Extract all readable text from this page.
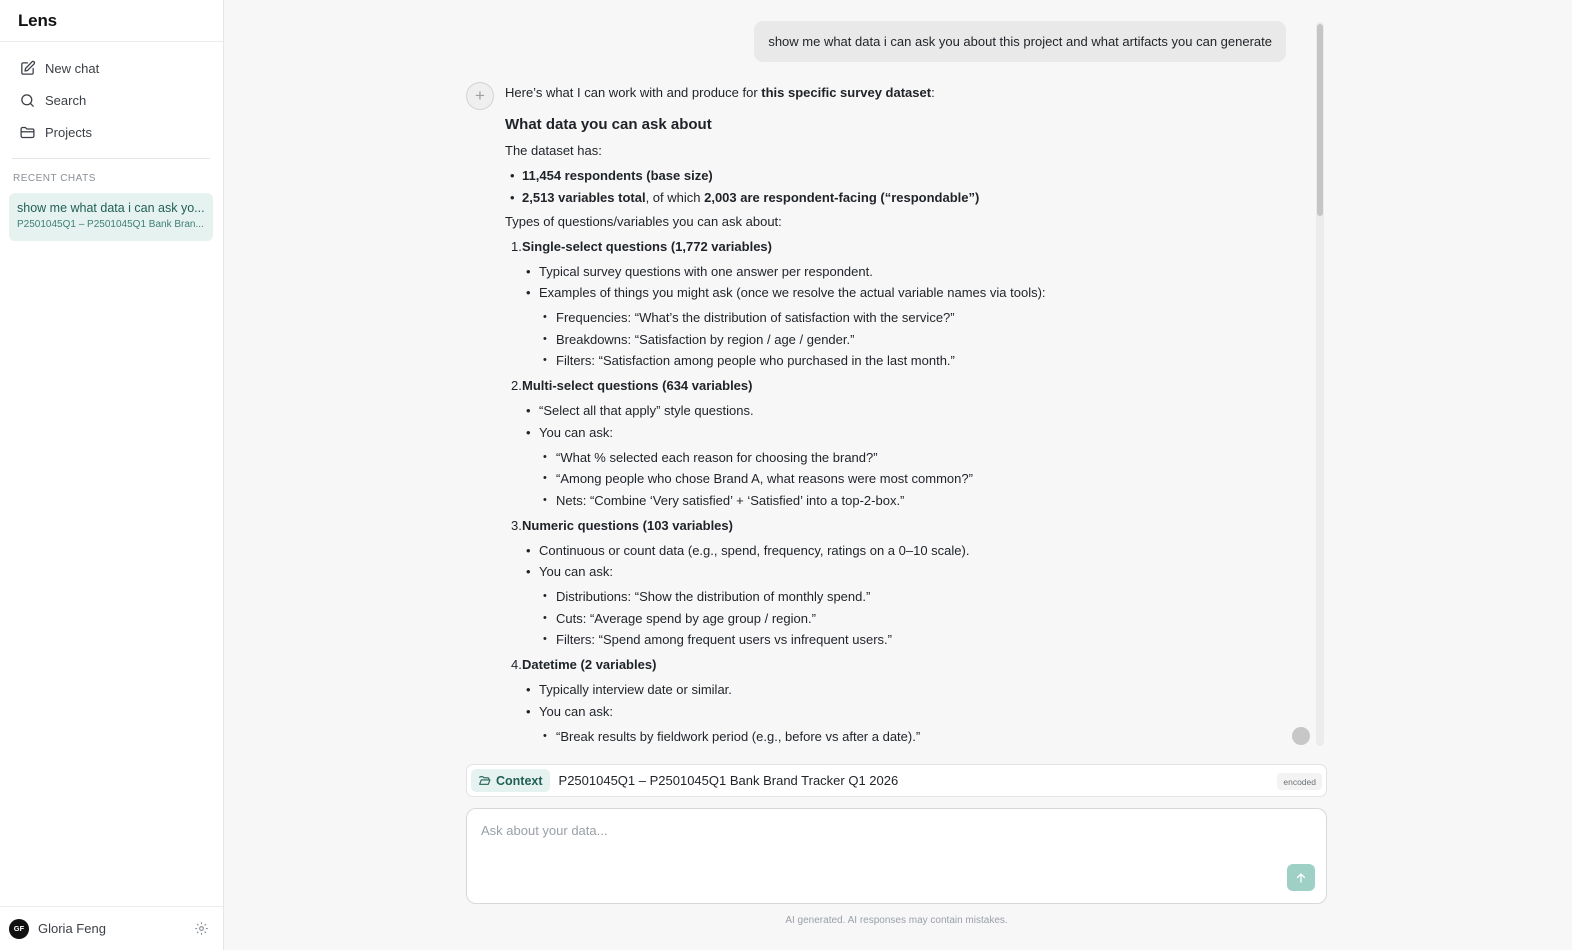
Lens
New chat
Search
Projects
RECENT CHATS
show me what data i can ask yo...
P2501045Q1 – P2501045Q1 Bank Bran...
GF	Gloria Feng
show me what data i can ask you about this project and what artifacts you can generate
+ Here’s what I can work with and produce for this specific survey dataset:

What data you can ask about

The dataset has:

• 11,454 respondents (base size)
• 2,513 variables total, of which 2,003 are respondent-facing (“respondable”)

Types of questions/variables you can ask about:

1. Single-select questions (1,772 variables)
• Typical survey questions with one answer per respondent.
• Examples of things you might ask (once we resolve the actual variable names via tools):
• Frequencies: “What’s the distribution of satisfaction with the service?”
• Breakdowns: “Satisfaction by region / age / gender.”
• Filters: “Satisfaction among people who purchased in the last month.”
2. Multi-select questions (634 variables)
• “Select all that apply” style questions.
• You can ask:
• “What % selected each reason for choosing the brand?”
• “Among people who chose Brand A, what reasons were most common?”
• Nets: “Combine ‘Very satisfied’ + ‘Satisfied’ into a top-2-box.”
3. Numeric questions (103 variables)
• Continuous or count data (e.g., spend, frequency, ratings on a 0–10 scale).
• You can ask:
• Distributions: “Show the distribution of monthly spend.”
• Cuts: “Average spend by age group / region.”
• Filters: “Spend among frequent users vs infrequent users.”
4. Datetime (2 variables)
• Typically interview date or similar.
• You can ask:
• “Break results by fieldwork period (e.g., before vs after a date).”
Context P2501045Q1 – P2501045Q1 Bank Brand Tracker Q1 2026	encoded
Ask about your data...
AI generated. AI responses may contain mistakes.
